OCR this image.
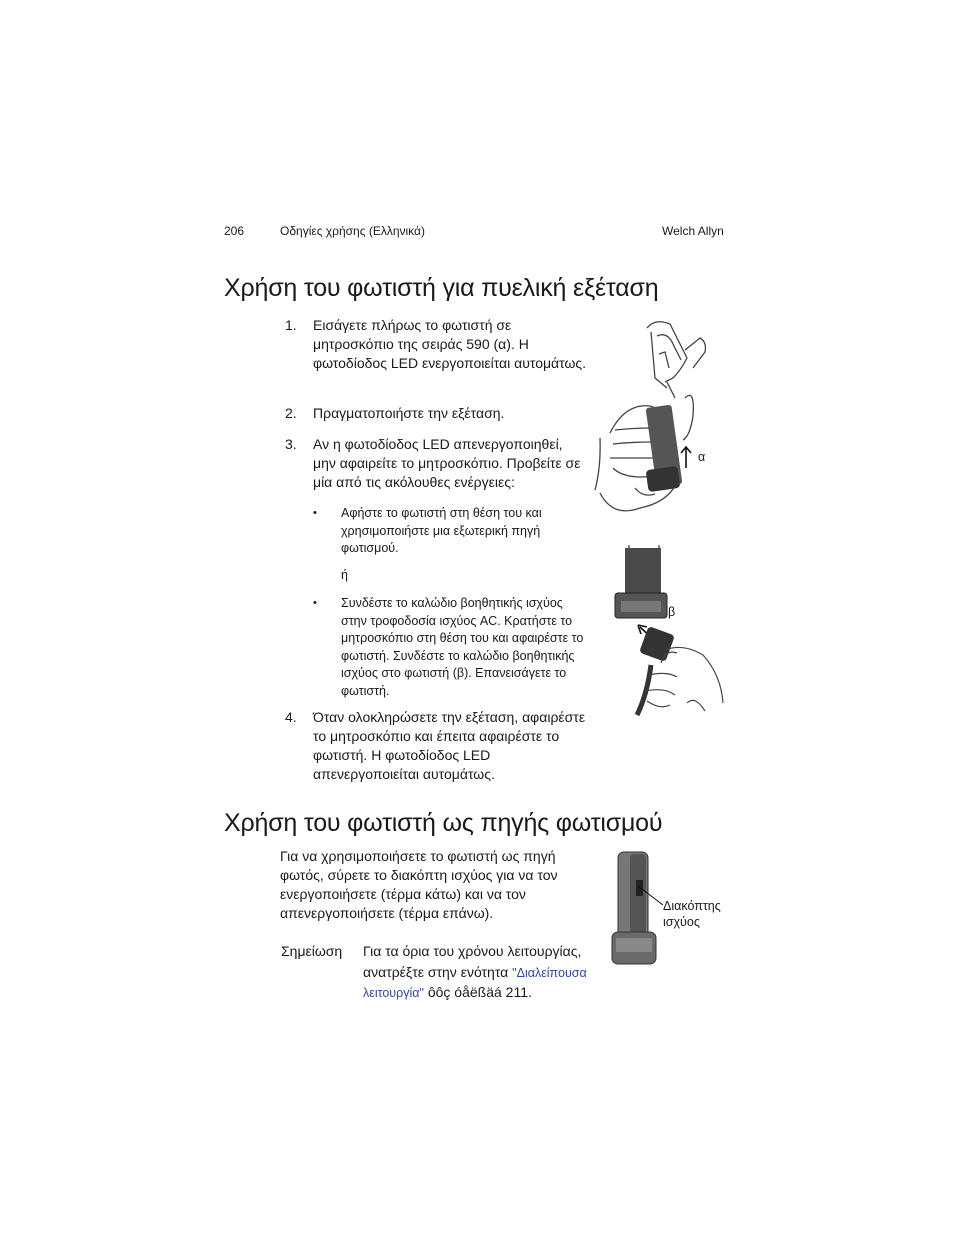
206	Οδηγίες χρήσης (Ελληνικά)	Welch Allyn
Χρήση του φωτιστή για πυελική εξέταση
1. Εισάγετε πλήρως το φωτιστή σε μητροσκόπιο της σειράς 590 (α). Η φωτοδίοδος LED ενεργοποιείται αυτομάτως.
2. Πραγματοποιήστε την εξέταση.
3. Αν η φωτοδίοδος LED απενεργοποιηθεί, μην αφαιρείτε το μητροσκόπιο. Προβείτε σε μία από τις ακόλουθες ενέργειες:
• Αφήστε το φωτιστή στη θέση του και χρησιμοποιήστε μια εξωτερική πηγή φωτισμού.
ή
• Συνδέστε το καλώδιο βοηθητικής ισχύος στην τροφοδοσία ισχύος AC. Κρατήστε το μητροσκόπιο στη θέση του και αφαιρέστε το φωτιστή. Συνδέστε το καλώδιο βοηθητικής ισχύος στο φωτιστή (β). Επανεισάγετε το φωτιστή.
4. Όταν ολοκληρώσετε την εξέταση, αφαιρέστε το μητροσκόπιο και έπειτα αφαιρέστε το φωτιστή. Η φωτοδίοδος LED απενεργοποιείται αυτομάτως.
α
β
Χρήση του φωτιστή ως πηγής φωτισμού
Για να χρησιμοποιήσετε το φωτιστή ως πηγή φωτός, σύρετε το διακόπτη ισχύος για να τον ενεργοποιήσετε (τέρμα κάτω) και να τον απενεργοποιήσετε (τέρμα επάνω).
Σημείωση Για τα όρια του χρόνου λειτουργίας,
ανατρέξτε στην ενότητα "Διαλείπουσα λειτουργία" ôôç óåëßäá 211.
Διακόπτης
ισχύος
